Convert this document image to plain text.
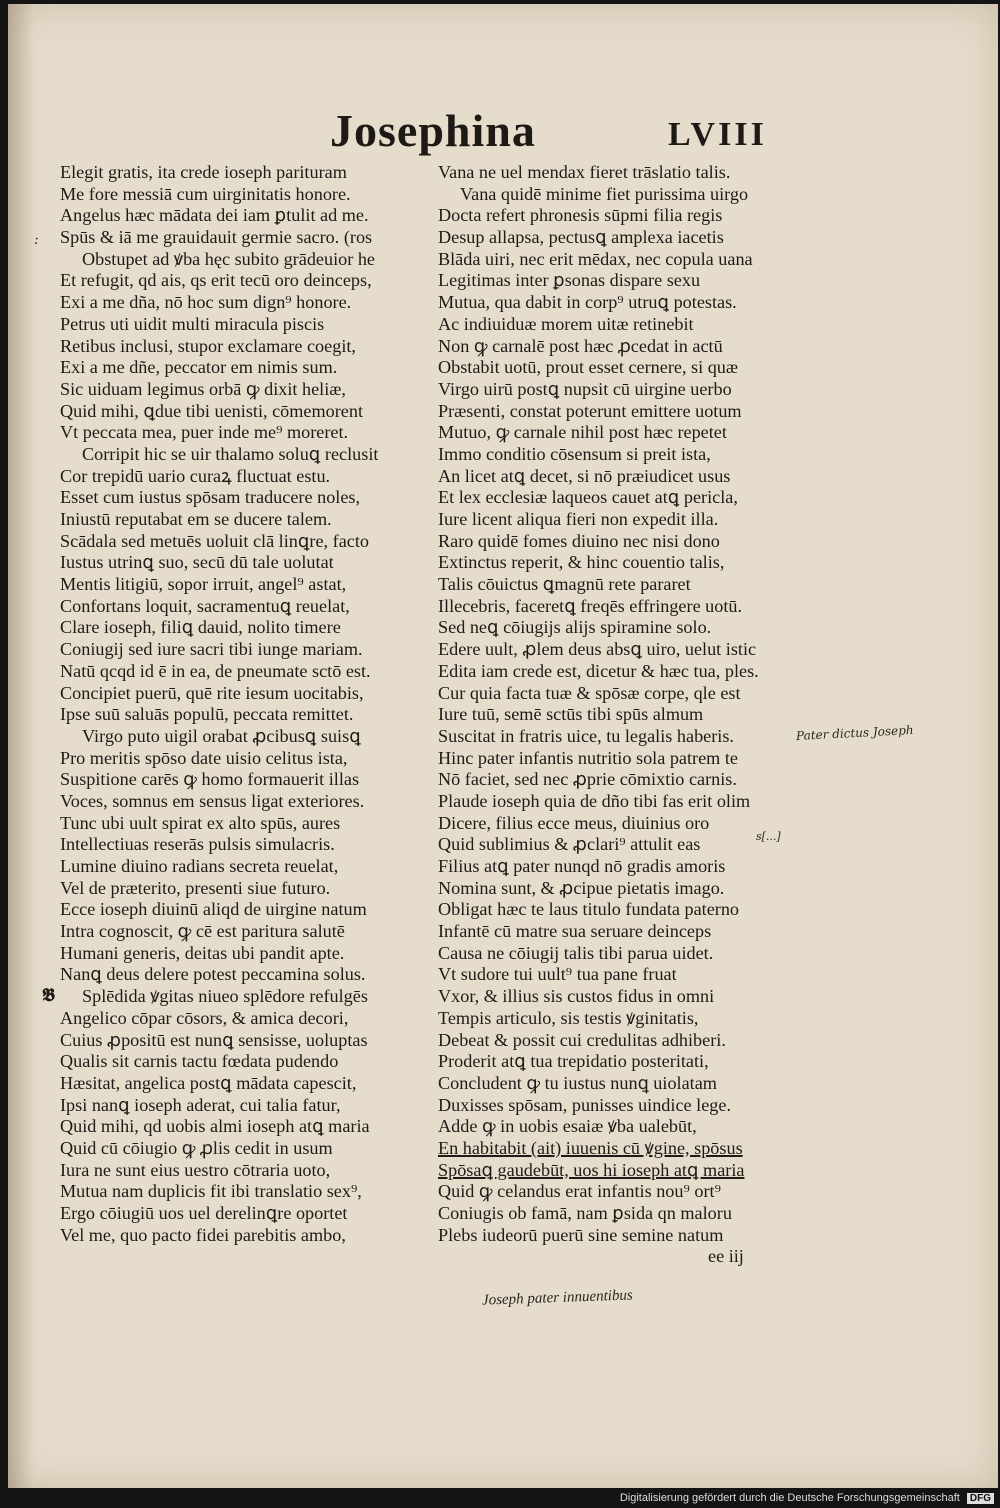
Josephina	LVIII
Elegit gratis, ita crede ioseph parituram
Me fore messiā cum uirginitatis honore.
Angelus hæc mādata dei iam ꝑtulit ad me.
Spūs & iā me grauidauit germie sacro. (ros
Obstupet ad ꝟba hęc subito grādeuior he
Et refugit, qd ais, qs erit tecū oro deinceps,
Exi a me dña, nō hoc sum dign⁹ honore.
Petrus uti uidit multi miracula piscis
Retibus inclusi, stupor exclamare coegit,
Exi a me dñe, peccator em nimis sum.
Sic uiduam legimus orbā ꝙ dixit heliæ,
Quid mihi, ꝗdue tibi uenisti, cōmemorent
Vt peccata mea, puer inde me⁹ moreret.
Corripit hic se uir thalamo soluꝗ reclusit
Cor trepidū uario curaꝝ fluctuat estu.
Esset cum iustus spōsam traducere noles,
Iniustū reputabat em se ducere talem.
Scādala sed metuēs uoluit clā linꝗre, facto
Iustus utrinꝗ suo, secū dū tale uolutat
Mentis litigiū, sopor irruit, angel⁹ astat,
Confortans loquit, sacramentuꝗ reuelat,
Clare ioseph, filiꝗ dauid, nolito timere
Coniugij sed iure sacri tibi iunge mariam.
Natū qcqd id ē in ea, de pneumate sctō est.
Concipiet puerū, quē rite iesum uocitabis,
Ipse suū saluās populū, peccata remittet.
Virgo puto uigil orabat ꝓcibusꝗ suisꝗ
Pro meritis spōso date uisio celitus ista,
Suspitione carēs ꝙ homo formauerit illas
Voces, somnus em sensus ligat exteriores.
Tunc ubi uult spirat ex alto spūs, aures
Intellectiuas reserās pulsis simulacris.
Lumine diuino radians secreta reuelat,
Vel de præterito, presenti siue futuro.
Ecce ioseph diuinū aliqd de uirgine natum
Intra cognoscit, ꝙ cē est paritura salutē
Humani generis, deitas ubi pandit apte.
Nanꝗ deus delere potest peccamina solus.
Splēdida ꝟgitas niueo splēdore refulgēs
Angelico cōpar cōsors, & amica decori,
Cuius ꝓpositū est nunꝗ sensisse, uoluptas
Qualis sit carnis tactu fœdata pudendo
Hæsitat, angelica postꝗ mādata capescit,
Ipsi nanꝗ ioseph aderat, cui talia fatur,
Quid mihi, qd uobis almi ioseph atꝗ maria
Quid cū cōiugio ꝙ ꝓlis cedit in usum
Iura ne sunt eius uestro cōtraria uoto,
Mutua nam duplicis fit ibi translatio sex⁹,
Ergo cōiugiū uos uel derelinꝗre oportet
Vel me, quo pacto fidei parebitis ambo,
Vana ne uel mendax fieret trāslatio talis.
Vana quidē minime fiet purissima uirgo
Docta refert phronesis sūpmi filia regis
Desup allapsa, pectusꝗ amplexa iacetis
Blāda uiri, nec erit mēdax, nec copula uana
Legitimas inter ꝑsonas dispare sexu
Mutua, qua dabit in corp⁹ utruꝗ potestas.
Ac indiuiduæ morem uitæ retinebit
Non ꝙ carnalē post hæc ꝓcedat in actū
Obstabit uotū, prout esset cernere, si quæ
Virgo uirū postꝗ nupsit cū uirgine uerbo
Præsenti, constat poterunt emittere uotum
Mutuo, ꝙ carnale nihil post hæc repetet
Immo conditio cōsensum si preit ista,
An licet atꝗ decet, si nō præiudicet usus
Et lex ecclesiæ laqueos cauet atꝗ pericla,
Iure licent aliqua fieri non expedit illa.
Raro quidē fomes diuino nec nisi dono
Extinctus reperit, & hinc couentio talis,
Talis cōuictus ꝗmagnū rete pararet
Illecebris, faceretꝗ freqēs effringere uotū.
Sed neꝗ cōiugijs alijs spiramine solo.
Edere uult, ꝓlem deus absꝗ uiro, uelut istic
Edita iam crede est, dicetur & hæc tua, ples.
Cur quia facta tuæ & spōsæ corpe, qle est
Iure tuū, semē sctūs tibi spūs almum
Suscitat in fratris uice, tu legalis haberis.
Hinc pater infantis nutritio sola patrem te
Nō faciet, sed nec ꝓprie cōmixtio carnis.
Plaude ioseph quia de dño tibi fas erit olim
Dicere, filius ecce meus, diuinius oro
Quid sublimius & ꝓclari⁹ attulit eas
Filius atꝗ pater nunqd nō gradis amoris
Nomina sunt, & ꝓcipue pietatis imago.
Obligat hæc te laus titulo fundata paterno
Infantē cū matre sua seruare deinceps
Causa ne cōiugij talis tibi parua uidet.
Vt sudore tui uult⁹ tua pane fruat
Vxor, & illius sis custos fidus in omni
Tempis articulo, sis testis ꝟginitatis,
Debeat & possit cui credulitas adhiberi.
Proderit atꝗ tua trepidatio posteritati,
Concludent ꝙ tu iustus nunꝗ uiolatam
Duxisses spōsam, punisses uindice lege.
Adde ꝙ in uobis esaiæ ꝟba ualebūt,
En habitabit (ait) iuuenis cū ꝟgine, spōsus
Spōsaꝗ gaudebūt, uos hi ioseph atꝗ maria
Quid ꝙ celandus erat infantis nou⁹ ort⁹
Coniugis ob famā, nam ꝑsida qn maloru
Plebs iudeorū puerū sine semine natum
ee iij
:
𝕭
Pater dictus Joseph
s[...]
Joseph pater innuentibus
Digitalisierung gefördert durch die Deutsche Forschungsgemeinschaft DFG
